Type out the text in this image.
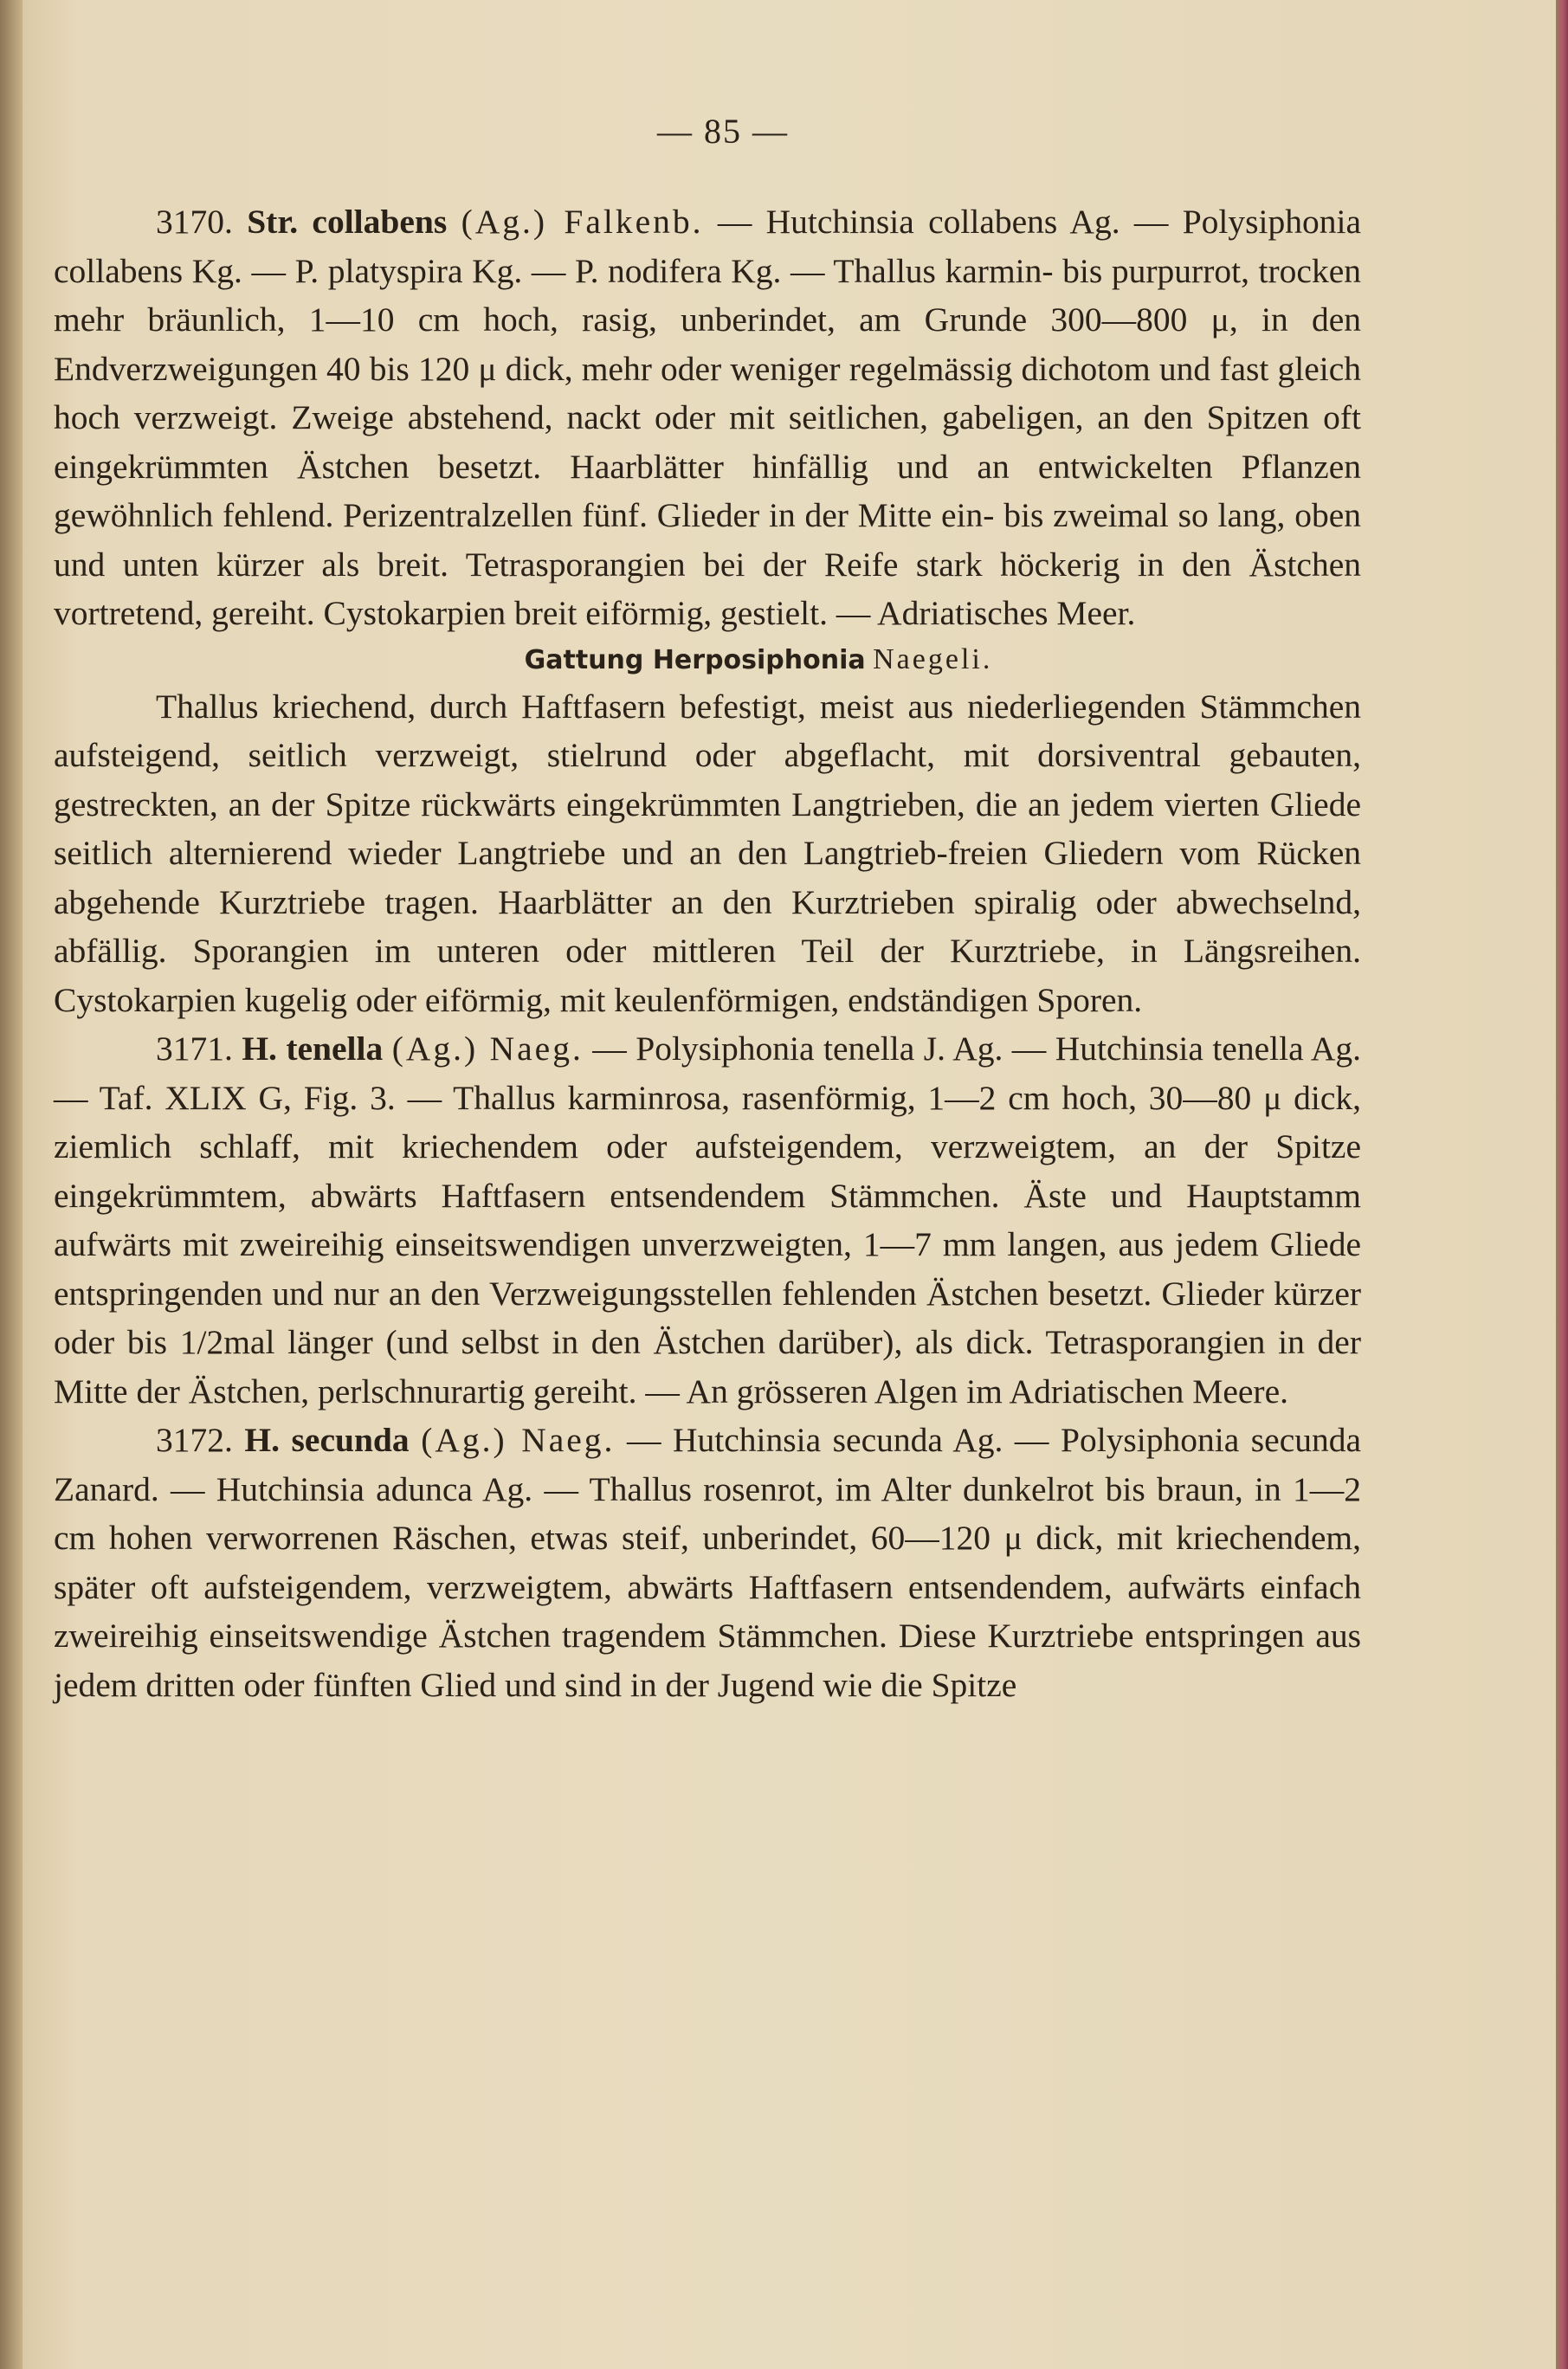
— 85 —

3170. Str. collabens (Ag.) Falkenb. — Hutchinsia collabens Ag. — Polysiphonia collabens Kg. — P. platyspira Kg. — P. nodifera Kg. — Thallus karmin- bis purpurrot, trocken mehr bräunlich, 1—10 cm hoch, rasig, unberindet, am Grunde 300—800 μ, in den Endverzweigungen 40 bis 120 μ dick, mehr oder weniger regelmässig dichotom und fast gleich hoch verzweigt. Zweige abstehend, nackt oder mit seitlichen, gabeligen, an den Spitzen oft eingekrümmten Ästchen besetzt. Haarblätter hinfällig und an entwickelten Pflanzen gewöhnlich fehlend. Perizentralzellen fünf. Glieder in der Mitte ein- bis zweimal so lang, oben und unten kürzer als breit. Tetrasporangien bei der Reife stark höckerig in den Ästchen vortretend, gereiht. Cystokarpien breit eiförmig, gestielt. — Adriatisches Meer.

Gattung Herposiphonia Naegeli.

Thallus kriechend, durch Haftfasern befestigt, meist aus niederliegenden Stämmchen aufsteigend, seitlich verzweigt, stielrund oder abgeflacht, mit dorsiventral gebauten, gestreckten, an der Spitze rückwärts eingekrümmten Langtrieben, die an jedem vierten Gliede seitlich alternierend wieder Langtriebe und an den Langtrieb-freien Gliedern vom Rücken abgehende Kurztriebe tragen. Haarblätter an den Kurztrieben spiralig oder abwechselnd, abfällig. Sporangien im unteren oder mittleren Teil der Kurztriebe, in Längsreihen. Cystokarpien kugelig oder eiförmig, mit keulenförmigen, endständigen Sporen.

3171. H. tenella (Ag.) Naeg. — Polysiphonia tenella J. Ag. — Hutchinsia tenella Ag. — Taf. XLIX G, Fig. 3. — Thallus karminrosa, rasenförmig, 1—2 cm hoch, 30—80 μ dick, ziemlich schlaff, mit kriechendem oder aufsteigendem, verzweigtem, an der Spitze eingekrümmtem, abwärts Haftfasern entsendendem Stämmchen. Äste und Hauptstamm aufwärts mit zweireihig einseitswendigen unverzweigten, 1—7 mm langen, aus jedem Gliede entspringenden und nur an den Verzweigungsstellen fehlenden Ästchen besetzt. Glieder kürzer oder bis 1/2mal länger (und selbst in den Ästchen darüber), als dick. Tetrasporangien in der Mitte der Ästchen, perlschnurartig gereiht. — An grösseren Algen im Adriatischen Meere.

3172. H. secunda (Ag.) Naeg. — Hutchinsia secunda Ag. — Polysiphonia secunda Zanard. — Hutchinsia adunca Ag. — Thallus rosenrot, im Alter dunkelrot bis braun, in 1—2 cm hohen verworrenen Räschen, etwas steif, unberindet, 60—120 μ dick, mit kriechendem, später oft aufsteigendem, verzweigtem, abwärts Haftfasern entsendendem, aufwärts einfach zweireihig einseitswendige Ästchen tragendem Stämmchen. Diese Kurztriebe entspringen aus jedem dritten oder fünften Glied und sind in der Jugend wie die Spitze
